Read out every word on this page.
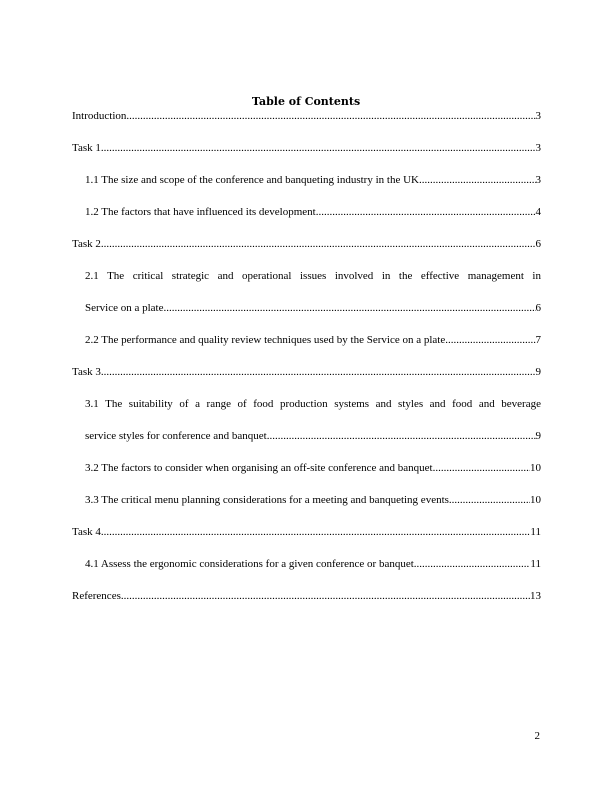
Table of Contents
Introduction .....	3
Task 1 .....	3
1.1 The size and scope of the conference and banqueting industry in the UK .....	3
1.2 The factors that have influenced its development .....	4
Task 2 .....	6
2.1 The critical strategic and operational issues involved in the effective management in
Service on a plate .....	6
2.2 The performance and quality review techniques used by the Service on a plate .....	7
Task 3 .....	9
3.1 The suitability of a range of food production systems and styles and food and beverage
service styles for conference and banquet .....	9
3.2 The factors to consider when organising an off-site conference and banquet .....	10
3.3 The critical menu planning considerations for a meeting and banqueting events .....	10
Task 4 .....	11
4.1 Assess the ergonomic considerations for a given conference or banquet .....	11
References .....	13
2
